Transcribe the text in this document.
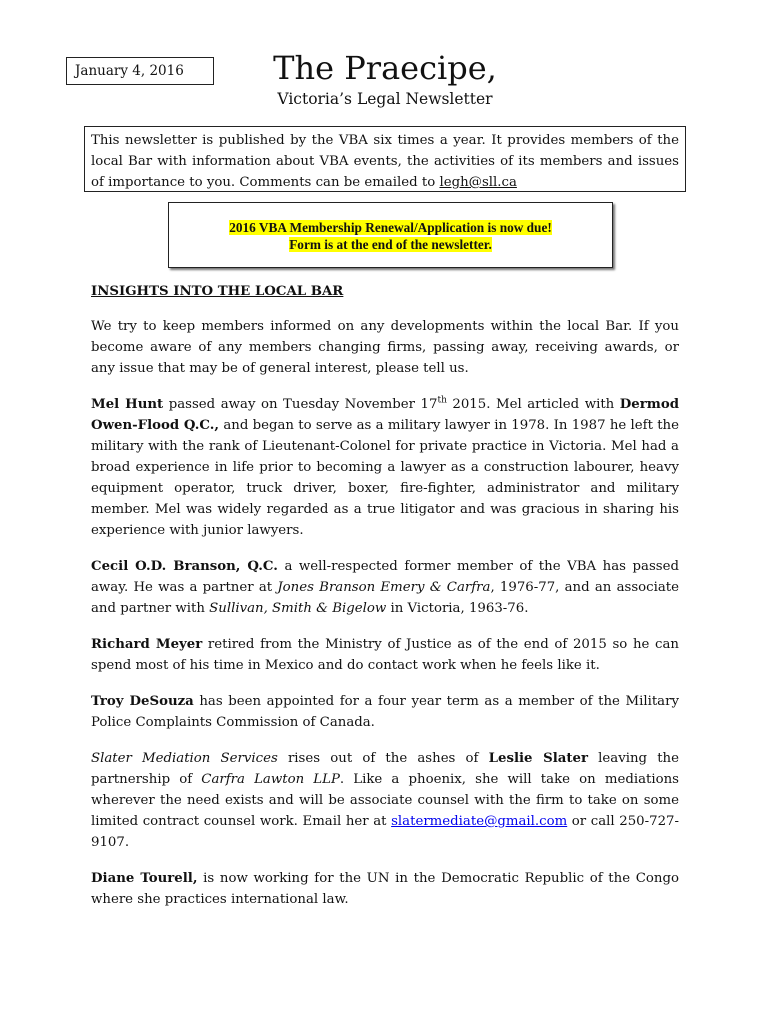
January 4, 2016	The Praecipe,
Victoria’s Legal Newsletter
This newsletter is published by the VBA six times a year. It provides members of the local Bar with information about VBA events, the activities of its members and issues of importance to you. Comments can be emailed to legh@sll.ca
2016 VBA Membership Renewal/Application is now due!
Form is at the end of the newsletter.
INSIGHTS INTO THE LOCAL BAR

We try to keep members informed on any developments within the local Bar. If you become aware of any members changing firms, passing away, receiving awards, or any issue that may be of general interest, please tell us.

Mel Hunt passed away on Tuesday November 17th 2015. Mel articled with Dermod Owen-Flood Q.C., and began to serve as a military lawyer in 1978. In 1987 he left the military with the rank of Lieutenant-Colonel for private practice in Victoria. Mel had a broad experience in life prior to becoming a lawyer as a construction labourer, heavy equipment operator, truck driver, boxer, fire-fighter, administrator and military member. Mel was widely regarded as a true litigator and was gracious in sharing his experience with junior lawyers.

Cecil O.D. Branson, Q.C. a well-respected former member of the VBA has passed away. He was a partner at Jones Branson Emery & Carfra, 1976-77, and an associate and partner with Sullivan, Smith & Bigelow in Victoria, 1963-76.

Richard Meyer retired from the Ministry of Justice as of the end of 2015 so he can spend most of his time in Mexico and do contact work when he feels like it.

Troy DeSouza has been appointed for a four year term as a member of the Military Police Complaints Commission of Canada.

Slater Mediation Services rises out of the ashes of Leslie Slater leaving the partnership of Carfra Lawton LLP. Like a phoenix, she will take on mediations wherever the need exists and will be associate counsel with the firm to take on some limited contract counsel work. Email her at slatermediate@gmail.com or call 250-727-9107.

Diane Tourell, is now working for the UN in the Democratic Republic of the Congo where she practices international law.
